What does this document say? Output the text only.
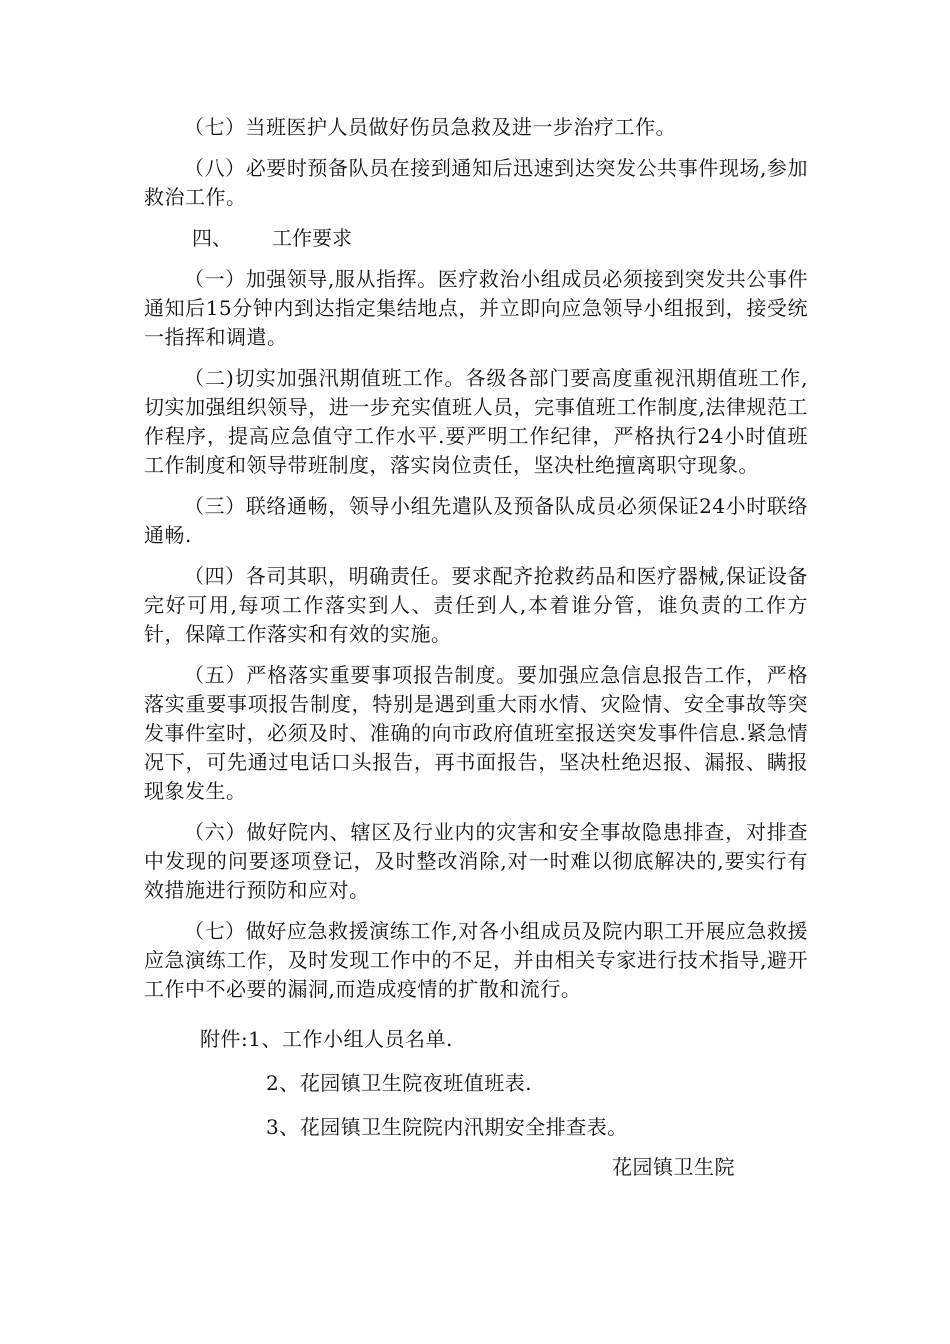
（七）当班医护人员做好伤员急救及进一步治疗工作。

（八）必要时预备队员在接到通知后迅速到达突发公共事件现场,参加救治工作。

四、 工作要求

（一）加强领导,服从指挥。医疗救治小组成员必须接到突发共公事件通知后15分钟内到达指定集结地点，并立即向应急领导小组报到，接受统一指挥和调遣。

（二)切实加强汛期值班工作。各级各部门要高度重视汛期值班工作,切实加强组织领导，进一步充实值班人员，完事值班工作制度,法律规范工作程序，提高应急值守工作水平.要严明工作纪律，严格执行24小时值班工作制度和领导带班制度，落实岗位责任，坚决杜绝擅离职守现象。

（三）联络通畅，领导小组先遣队及预备队成员必须保证24小时联络通畅.

（四）各司其职，明确责任。要求配齐抢救药品和医疗器械,保证设备完好可用,每项工作落实到人、责任到人,本着谁分管，谁负责的工作方针，保障工作落实和有效的实施。

（五）严格落实重要事项报告制度。要加强应急信息报告工作，严格落实重要事项报告制度，特别是遇到重大雨水情、灾险情、安全事故等突发事件室时，必须及时、准确的向市政府值班室报送突发事件信息.紧急情况下，可先通过电话口头报告，再书面报告，坚决杜绝迟报、漏报、瞒报现象发生。

（六）做好院内、辖区及行业内的灾害和安全事故隐患排查，对排查中发现的问要逐项登记，及时整改消除,对一时难以彻底解决的,要实行有效措施进行预防和应对。

（七）做好应急救援演练工作,对各小组成员及院内职工开展应急救援应急演练工作，及时发现工作中的不足，并由相关专家进行技术指导,避开工作中不必要的漏洞,而造成疫情的扩散和流行。

附件:1、工作小组人员名单.
2、花园镇卫生院夜班值班表.
3、花园镇卫生院院内汛期安全排查表。
花园镇卫生院
